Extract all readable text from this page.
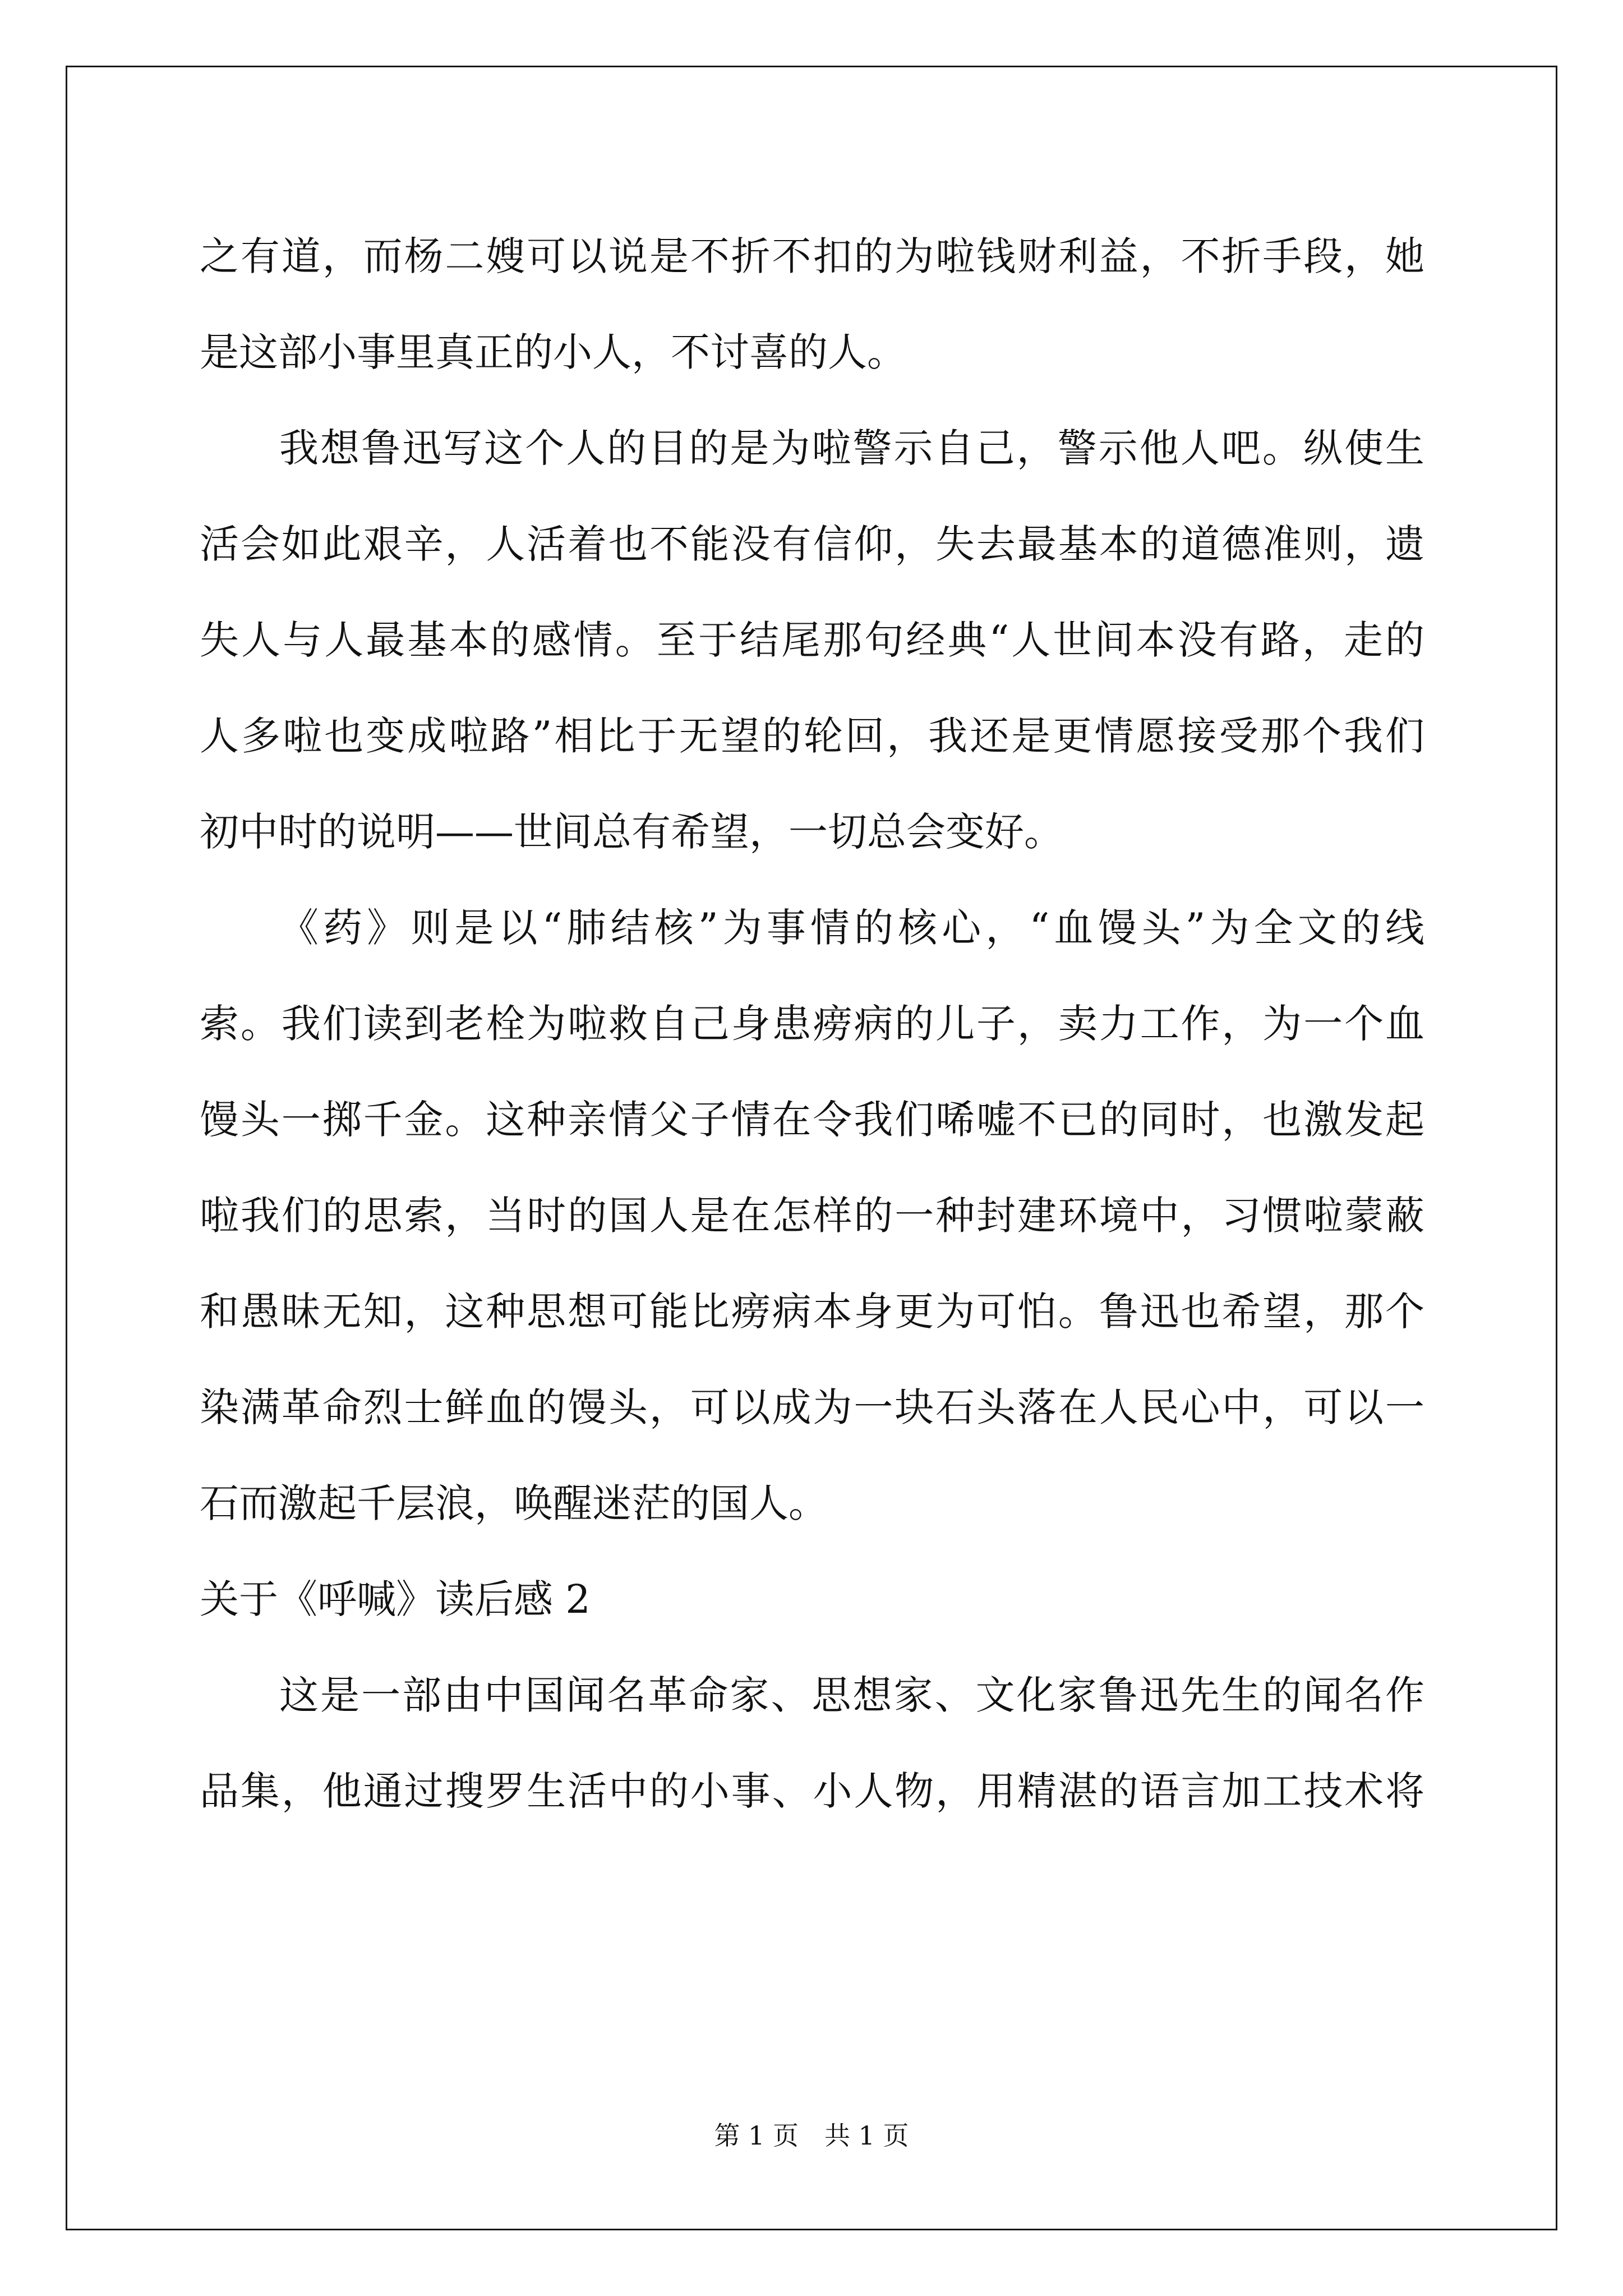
之有道，而杨二嫂可以说是不折不扣的为啦钱财利益，不折手段，她
是这部小事里真正的小人，不讨喜的人。
我想鲁迅写这个人的目的是为啦警示自己，警示他人吧。纵使生
活会如此艰辛，人活着也不能没有信仰，失去最基本的道德准则，遗
失人与人最基本的感情。至于结尾那句经典“人世间本没有路，走的
人多啦也变成啦路”相比于无望的轮回，我还是更情愿接受那个我们
初中时的说明——世间总有希望，一切总会变好。
《药》则是以“肺结核”为事情的核心，“血馒头”为全文的线
索。我们读到老栓为啦救自己身患痨病的儿子，卖力工作，为一个血
馒头一掷千金。这种亲情父子情在令我们唏嘘不已的同时，也激发起
啦我们的思索，当时的国人是在怎样的一种封建环境中，习惯啦蒙蔽
和愚昧无知，这种思想可能比痨病本身更为可怕。鲁迅也希望，那个
染满革命烈士鲜血的馒头，可以成为一块石头落在人民心中，可以一
石而激起千层浪，唤醒迷茫的国人。
关于《呼喊》读后感 2
这是一部由中国闻名革命家、思想家、文化家鲁迅先生的闻名作
品集，他通过搜罗生活中的小事、小人物，用精湛的语言加工技术将
第 1 页 共 1 页
